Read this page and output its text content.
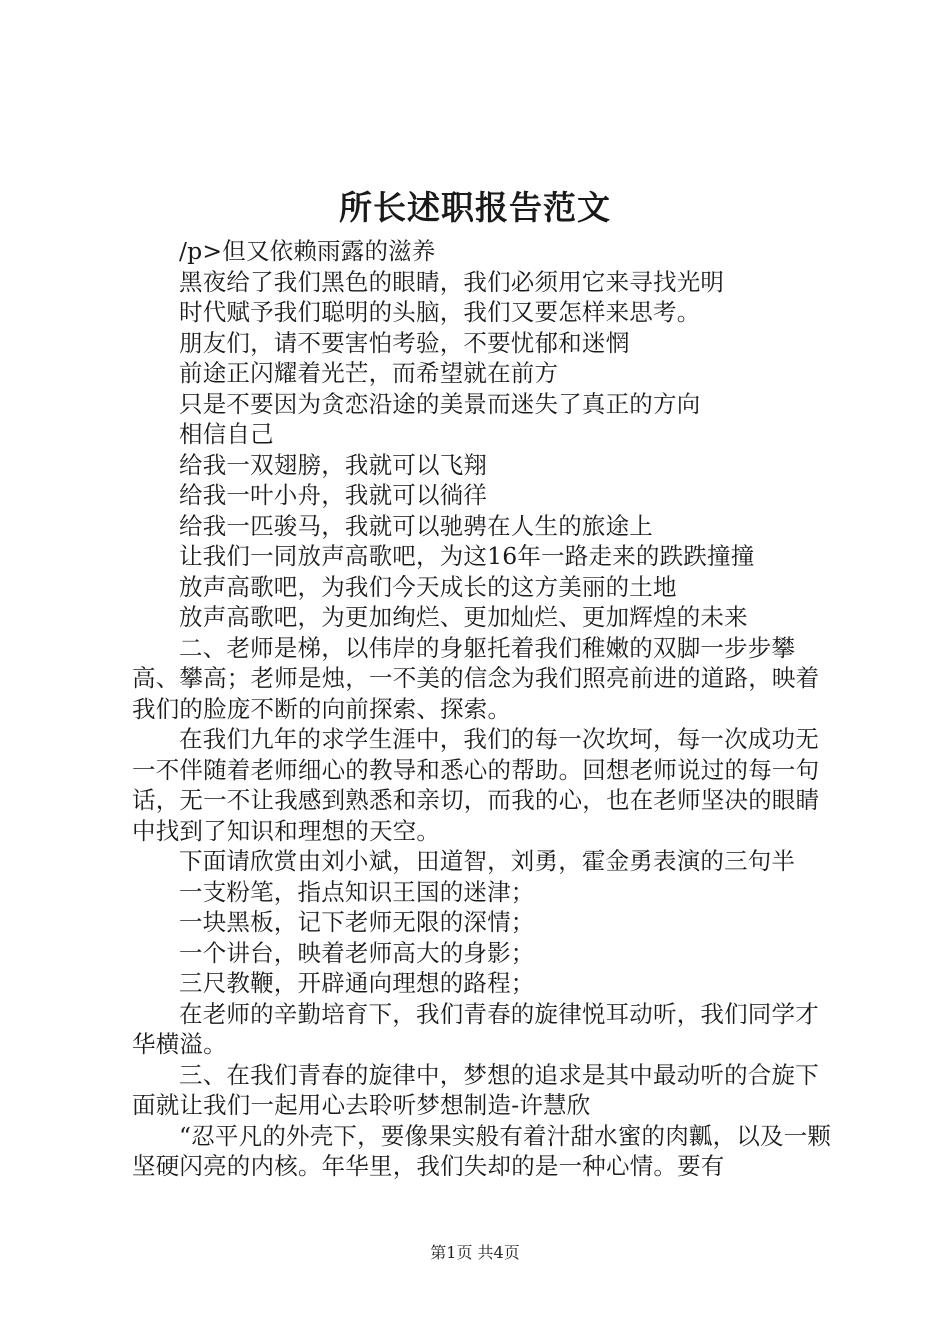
所长述职报告范文

/p>但又依赖雨露的滋养

黑夜给了我们黑色的眼睛，我们必须用它来寻找光明

时代赋予我们聪明的头脑，我们又要怎样来思考。

朋友们，请不要害怕考验，不要忧郁和迷惘

前途正闪耀着光芒，而希望就在前方

只是不要因为贪恋沿途的美景而迷失了真正的方向

相信自己

给我一双翅膀，我就可以飞翔

给我一叶小舟，我就可以徜徉

给我一匹骏马，我就可以驰骋在人生的旅途上

让我们一同放声高歌吧，为这16年一路走来的跌跌撞撞

放声高歌吧，为我们今天成长的这方美丽的土地

放声高歌吧，为更加绚烂、更加灿烂、更加辉煌的未来

二、老师是梯，以伟岸的身躯托着我们稚嫩的双脚一步步攀高、攀高；老师是烛，一不美的信念为我们照亮前进的道路，映着我们的脸庞不断的向前探索、探索。

在我们九年的求学生涯中，我们的每一次坎坷，每一次成功无一不伴随着老师细心的教导和悉心的帮助。回想老师说过的每一句话，无一不让我感到熟悉和亲切，而我的心，也在老师坚决的眼睛中找到了知识和理想的天空。

下面请欣赏由刘小斌，田道智，刘勇，霍金勇表演的三句半

一支粉笔，指点知识王国的迷津；

一块黑板，记下老师无限的深情；

一个讲台，映着老师高大的身影；

三尺教鞭，开辟通向理想的路程；

在老师的辛勤培育下，我们青春的旋律悦耳动听，我们同学才华横溢。

三、在我们青春的旋律中，梦想的追求是其中最动听的合旋下面就让我们一起用心去聆听梦想制造-许慧欣

“忍平凡的外壳下，要像果实般有着汁甜水蜜的肉瓤，以及一颗坚硬闪亮的内核。年华里，我们失却的是一种心情。要有

第1页 共4页
